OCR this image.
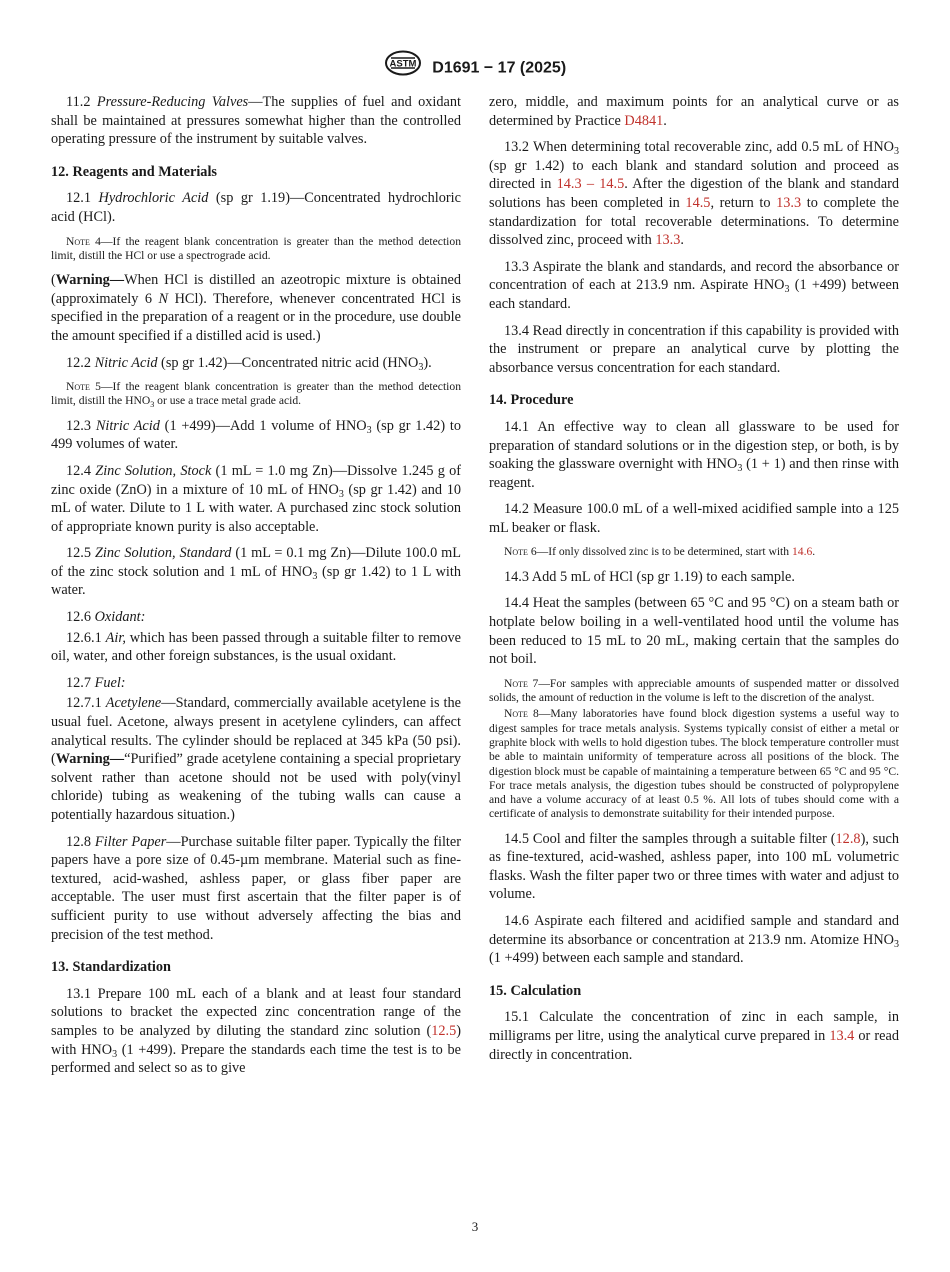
ASTM D1691 − 17 (2025)

11.2 Pressure-Reducing Valves—The supplies of fuel and oxidant shall be maintained at pressures somewhat higher than the controlled operating pressure of the instrument by suitable valves.

12. Reagents and Materials

12.1 Hydrochloric Acid (sp gr 1.19)—Concentrated hydrochloric acid (HCl).

Note 4—If the reagent blank concentration is greater than the method detection limit, distill the HCl or use a spectrograde acid.

(Warning—When HCl is distilled an azeotropic mixture is obtained (approximately 6 N HCl). Therefore, whenever concentrated HCl is specified in the preparation of a reagent or in the procedure, use double the amount specified if a distilled acid is used.)

12.2 Nitric Acid (sp gr 1.42)—Concentrated nitric acid $(HNO_3)$.

Note 5—If the reagent blank concentration is greater than the method detection limit, distill the $HNO_3$ or use a trace metal grade acid.

12.3 Nitric Acid (1 +499)—Add 1 volume of $HNO_3$ (sp gr 1.42) to 499 volumes of water.

12.4 Zinc Solution, Stock (1 mL = 1.0 mg Zn)—Dissolve 1.245 g of zinc oxide (ZnO) in a mixture of 10 mL of $HNO_3$ (sp gr 1.42) and 10 mL of water. Dilute to 1 L with water. A purchased zinc stock solution of appropriate known purity is also acceptable.

12.5 Zinc Solution, Standard (1 mL = 0.1 mg Zn)—Dilute 100.0 mL of the zinc stock solution and 1 mL of $HNO_3$ (sp gr 1.42) to 1 L with water.

12.6 Oxidant:

12.6.1 Air, which has been passed through a suitable filter to remove oil, water, and other foreign substances, is the usual oxidant.

12.7 Fuel:

12.7.1 Acetylene—Standard, commercially available acetylene is the usual fuel. Acetone, always present in acetylene cylinders, can affect analytical results. The cylinder should be replaced at 345 kPa (50 psi). (Warning—“Purified” grade acetylene containing a special proprietary solvent rather than acetone should not be used with poly(vinyl chloride) tubing as weakening of the tubing walls can cause a potentially hazardous situation.)

12.8 Filter Paper—Purchase suitable filter paper. Typically the filter papers have a pore size of 0.45-µm membrane. Material such as fine-textured, acid-washed, ashless paper, or glass fiber paper are acceptable. The user must first ascertain that the filter paper is of sufficient purity to use without adversely affecting the bias and precision of the test method.

13. Standardization

13.1 Prepare 100 mL each of a blank and at least four standard solutions to bracket the expected zinc concentration range of the samples to be analyzed by diluting the standard zinc solution (12.5) with $HNO_3$ (1 +499). Prepare the standards each time the test is to be performed and select so as to give

zero, middle, and maximum points for an analytical curve or as determined by Practice D4841.

13.2 When determining total recoverable zinc, add 0.5 mL of $HNO_3$ (sp gr 1.42) to each blank and standard solution and proceed as directed in 14.3 – 14.5. After the digestion of the blank and standard solutions has been completed in 14.5, return to 13.3 to complete the standardization for total recoverable determinations. To determine dissolved zinc, proceed with 13.3.

13.3 Aspirate the blank and standards, and record the absorbance or concentration of each at 213.9 nm. Aspirate $HNO_3$ (1 +499) between each standard.

13.4 Read directly in concentration if this capability is provided with the instrument or prepare an analytical curve by plotting the absorbance versus concentration for each standard.

14. Procedure

14.1 An effective way to clean all glassware to be used for preparation of standard solutions or in the digestion step, or both, is by soaking the glassware overnight with $HNO_3$ (1 + 1) and then rinse with reagent.

14.2 Measure 100.0 mL of a well-mixed acidified sample into a 125 mL beaker or flask.

Note 6—If only dissolved zinc is to be determined, start with 14.6.

14.3 Add 5 mL of HCl (sp gr 1.19) to each sample.

14.4 Heat the samples (between 65 °C and 95 °C) on a steam bath or hotplate below boiling in a well-ventilated hood until the volume has been reduced to 15 mL to 20 mL, making certain that the samples do not boil.

Note 7—For samples with appreciable amounts of suspended matter or dissolved solids, the amount of reduction in the volume is left to the discretion of the analyst.

Note 8—Many laboratories have found block digestion systems a useful way to digest samples for trace metals analysis. Systems typically consist of either a metal or graphite block with wells to hold digestion tubes. The block temperature controller must be able to maintain uniformity of temperature across all positions of the block. The digestion block must be capable of maintaining a temperature between 65 °C and 95 °C. For trace metals analysis, the digestion tubes should be constructed of polypropylene and have a volume accuracy of at least 0.5 %. All lots of tubes should come with a certificate of analysis to demonstrate suitability for their intended purpose.

14.5 Cool and filter the samples through a suitable filter (12.8), such as fine-textured, acid-washed, ashless paper, into 100 mL volumetric flasks. Wash the filter paper two or three times with water and adjust to volume.

14.6 Aspirate each filtered and acidified sample and standard and determine its absorbance or concentration at 213.9 nm. Atomize $HNO_3$ (1 +499) between each sample and standard.

15. Calculation

15.1 Calculate the concentration of zinc in each sample, in milligrams per litre, using the analytical curve prepared in 13.4 or read directly in concentration.

3
